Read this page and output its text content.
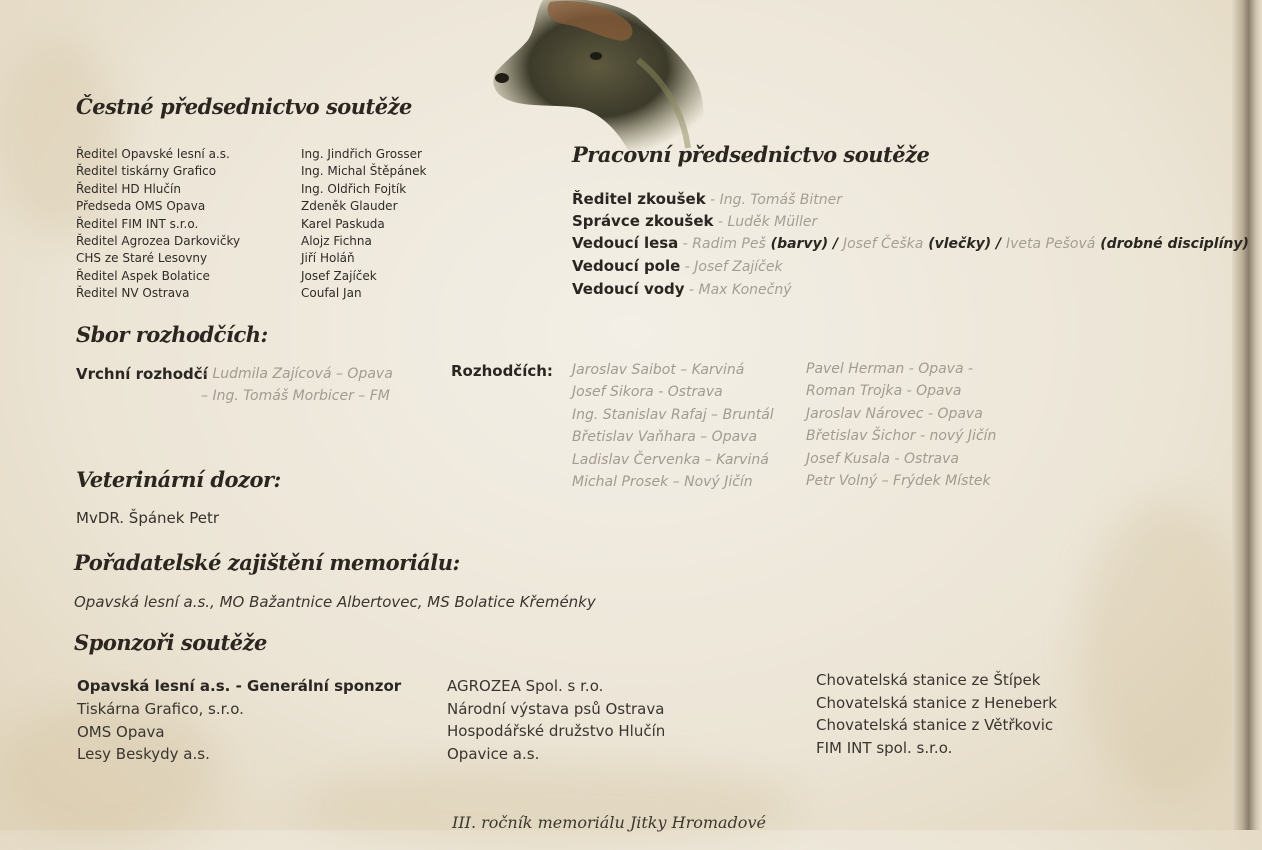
Čestné předsednictvo soutěže
Ředitel Opavské lesní a.s.
Ředitel tiskárny Grafico
Ředitel HD Hlučín
Předseda OMS Opava
Ředitel FIM INT s.r.o.
Ředitel Agrozea Darkovičky
CHS ze Staré Lesovny
Ředitel Aspek Bolatice
Ředitel NV Ostrava
Ing. Jindřich Grosser
Ing. Michal Štěpánek
Ing. Oldřich Fojtík
Zdeněk Glauder
Karel Paskuda
Alojz Fichna
Jiří Holáň
Josef Zajíček
Coufal Jan
Pracovní předsednictvo soutěže
Ředitel zkoušek - Ing. Tomáš Bitner
Správce zkoušek - Luděk Müller
Vedoucí lesa - Radim Peš (barvy) / Josef Češka (vlečky) / Iveta Pešová (drobné disciplíny)
Vedoucí pole - Josef Zajíček
Vedoucí vody - Max Konečný
Sbor rozhodčích:
Vrchní rozhodčí
– Ludmila Zajícová – Opava
– Ing. Tomáš Morbicer – FM
Rozhodčích: Jaroslav Saibot – Karviná
Josef Sikora - Ostrava
Ing. Stanislav Rafaj – Bruntál
Břetislav Vaňhara – Opava
Ladislav Červenka – Karviná
Michal Prosek – Nový Jičín
Pavel Herman - Opava -
Roman Trojka - Opava
Jaroslav Nárovec - Opava
Břetislav Šichor - nový Jičín
Josef Kusala - Ostrava
Petr Volný – Frýdek Místek
Veterinární dozor:
MvDR. Špánek Petr
Pořadatelské zajištění memoriálu:
Opavská lesní a.s., MO Bažantnice Albertovec, MS Bolatice Křeménky
Sponzoři soutěže
Opavská lesní a.s. - Generální sponzor
Tiskárna Grafico, s.r.o.
OMS Opava
Lesy Beskydy a.s.
AGROZEA Spol. s r.o.
Národní výstava psů Ostrava
Hospodářské družstvo Hlučín
Opavice a.s.
Chovatelská stanice ze Štípek
Chovatelská stanice z Heneberk
Chovatelská stanice z Větřkovic
FIM INT spol. s.r.o.
III. ročník memoriálu Jitky Hromadové
